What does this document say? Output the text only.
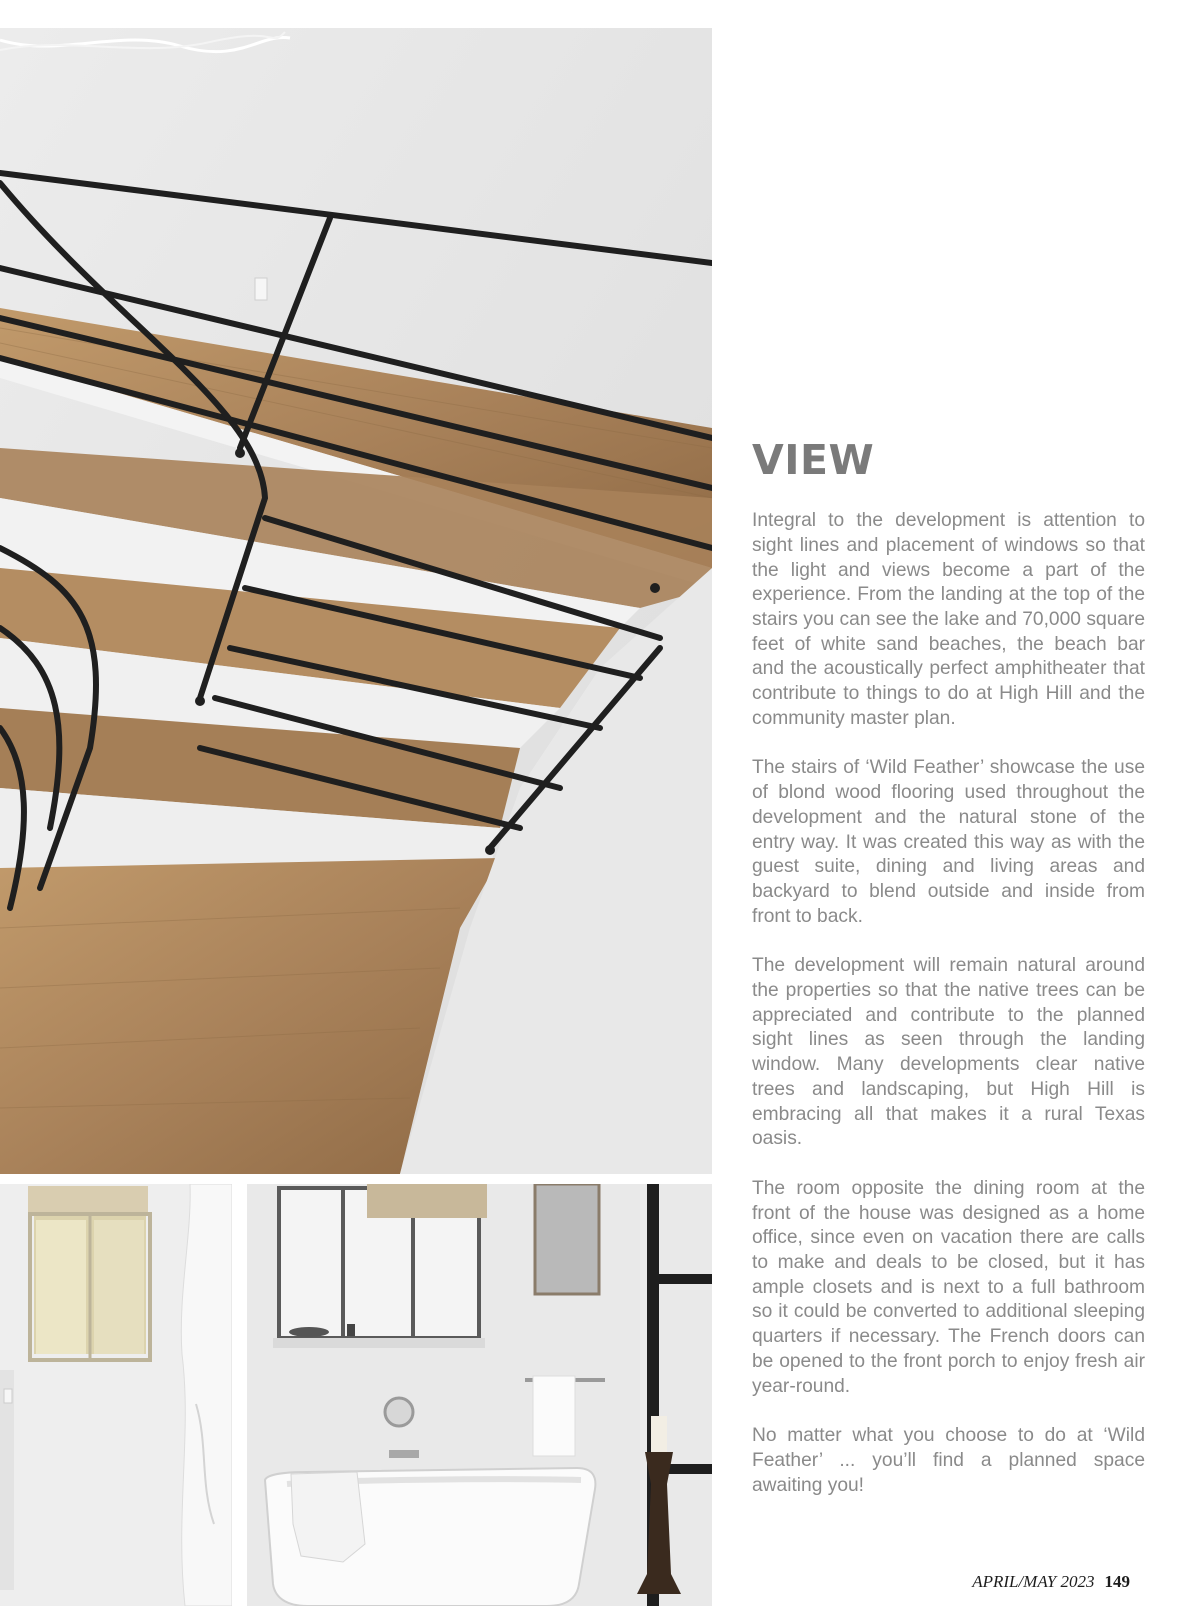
VIEW

Integral to the development is attention to sight lines and placement of windows so that the light and views become a part of the experience. From the landing at the top of the stairs you can see the lake and 70,000 square feet of white sand beaches, the beach bar and the acoustically perfect amphitheater that contribute to things to do at High Hill and the community master plan.

The stairs of ‘Wild Feather’ showcase the use of blond wood flooring used throughout the development and the natural stone of the entry way. It was created this way as with the guest suite, dining and living areas and backyard to blend outside and inside from front to back.

The development will remain natural around the properties so that the native trees can be appreciated and contribute to the planned sight lines as seen through the landing window. Many developments clear native trees and landscaping, but High Hill is embracing all that makes it a rural Texas oasis.

The room opposite the dining room at the front of the house was designed as a home office, since even on vacation there are calls to make and deals to be closed, but it has ample closets and is next to a full bathroom so it could be converted to additional sleeping quarters if necessary. The French doors can be opened to the front porch to enjoy fresh air year-round.

No matter what you choose to do at ‘Wild Feather’ ... you’ll find a planned space awaiting you!

APRIL/MAY 2023 149
